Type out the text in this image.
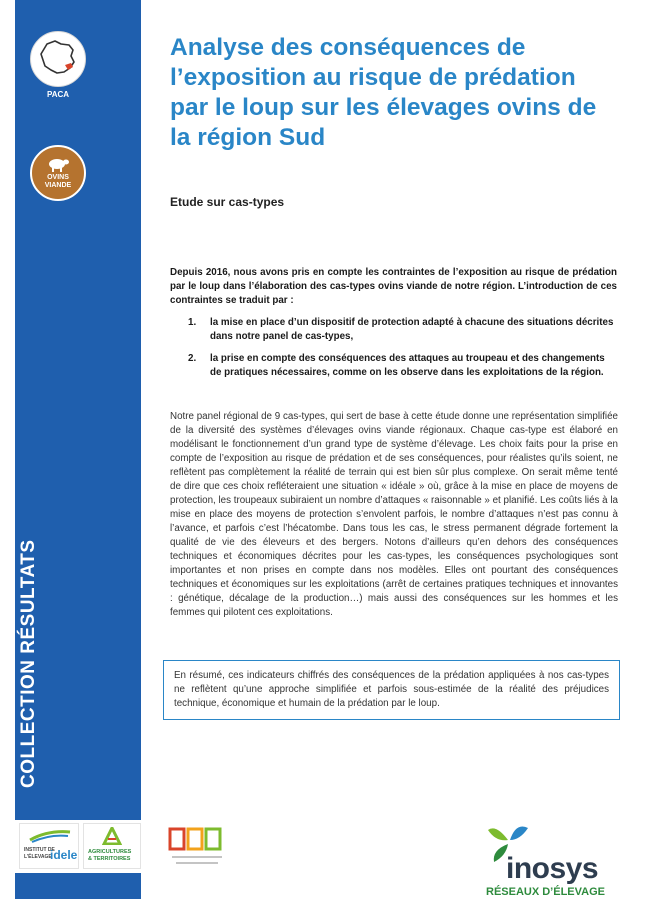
PACA
OVINS
VIANDE
COLLECTION RÉSULTATS
INSTITUT DE
L’ÉLEVAGE
idele AGRICULTURES
& TERRITOIRES	inosys
RÉSEAUX D’ÉLEVAGE
Analyse des conséquences de l’exposition au risque de prédation par le loup sur les élevages ovins de la région Sud
Etude sur cas-types
Depuis 2016, nous avons pris en compte les contraintes de l’exposition au risque de prédation par le loup dans l’élaboration des cas-types ovins viande de notre région. L’introduction de ces contraintes se traduit par :
1. la mise en place d’un dispositif de protection adapté à chacune des situations décrites dans notre panel de cas-types,
2. la prise en compte des conséquences des attaques au troupeau et des changements de pratiques nécessaires, comme on les observe dans les exploitations de la région.
Notre panel régional de 9 cas-types, qui sert de base à cette étude donne une représentation simplifiée de la diversité des systèmes d’élevages ovins viande régionaux. Chaque cas-type est élaboré en modélisant le fonctionnement d’un grand type de système d’élevage. Les choix faits pour la prise en compte de l’exposition au risque de prédation et de ses conséquences, pour réalistes qu’ils soient, ne reflètent pas complètement la réalité de terrain qui est bien sûr plus complexe. On serait même tenté de dire que ces choix refléteraient une situation « idéale » où, grâce à la mise en place de moyens de protection, les troupeaux subiraient un nombre d’attaques « raisonnable » et planifié. Les coûts liés à la mise en place des moyens de protection s’envolent parfois, le nombre d’attaques n’est pas connu à l’avance, et parfois c’est l’hécatombe. Dans tous les cas, le stress permanent dégrade fortement la qualité de vie des éleveurs et des bergers. Notons d’ailleurs qu’en dehors des conséquences techniques et économiques décrites pour les cas-types, les conséquences psychologiques sont importantes et non prises en compte dans nos modèles. Elles ont pourtant des conséquences techniques et économiques sur les exploitations (arrêt de certaines pratiques techniques et innovantes : génétique, décalage de la production…) mais aussi des conséquences sur les hommes et les femmes qui pilotent ces exploitations.
En résumé, ces indicateurs chiffrés des conséquences de la prédation appliquées à nos cas-types ne reflètent qu’une approche simplifiée et parfois sous-estimée de la réalité des préjudices technique, économique et humain de la prédation par le loup.
